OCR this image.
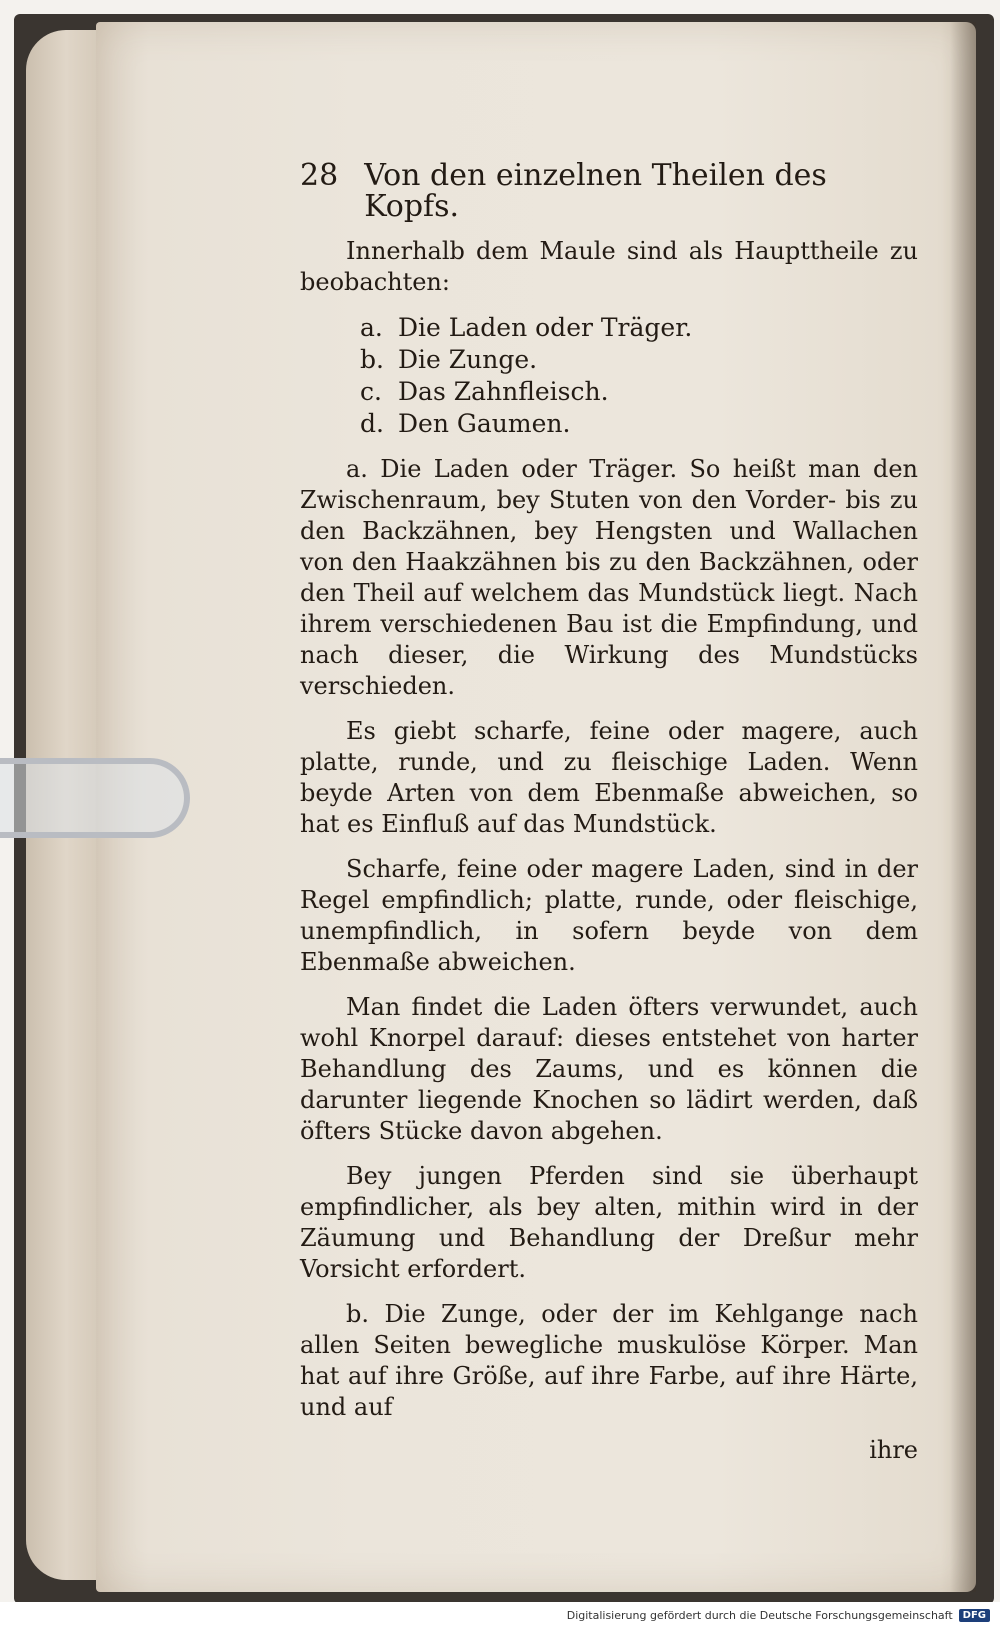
28 Von den einzelnen Theilen des Kopfs.

Innerhalb dem Maule sind als Haupttheile zu beobachten:

a. Die Laden oder Träger.
b. Die Zunge.
c. Das Zahnfleisch.
d. Den Gaumen.

a. Die Laden oder Träger. So heißt man den Zwischenraum, bey Stuten von den Vorder- bis zu den Backzähnen, bey Hengsten und Wallachen von den Haakzähnen bis zu den Backzähnen, oder den Theil auf welchem das Mundstück liegt. Nach ihrem verschiedenen Bau ist die Empfindung, und nach dieser, die Wirkung des Mundstücks verschieden.

Es giebt scharfe, feine oder magere, auch platte, runde, und zu fleischige Laden. Wenn beyde Arten von dem Ebenmaße abweichen, so hat es Einfluß auf das Mundstück.

Scharfe, feine oder magere Laden, sind in der Regel empfindlich; platte, runde, oder fleischige, unempfindlich, in sofern beyde von dem Ebenmaße abweichen.

Man findet die Laden öfters verwundet, auch wohl Knorpel darauf: dieses entstehet von harter Behandlung des Zaums, und es können die darunter liegende Knochen so lädirt werden, daß öfters Stücke davon abgehen.

Bey jungen Pferden sind sie überhaupt empfindlicher, als bey alten, mithin wird in der Zäumung und Behandlung der Dreßur mehr Vorsicht erfordert.

b. Die Zunge, oder der im Kehlgange nach allen Seiten bewegliche muskulöse Körper. Man hat auf ihre Größe, auf ihre Farbe, auf ihre Härte, und auf

ihre
Digitalisierung gefördert durch die Deutsche Forschungsgemeinschaft	DFG
